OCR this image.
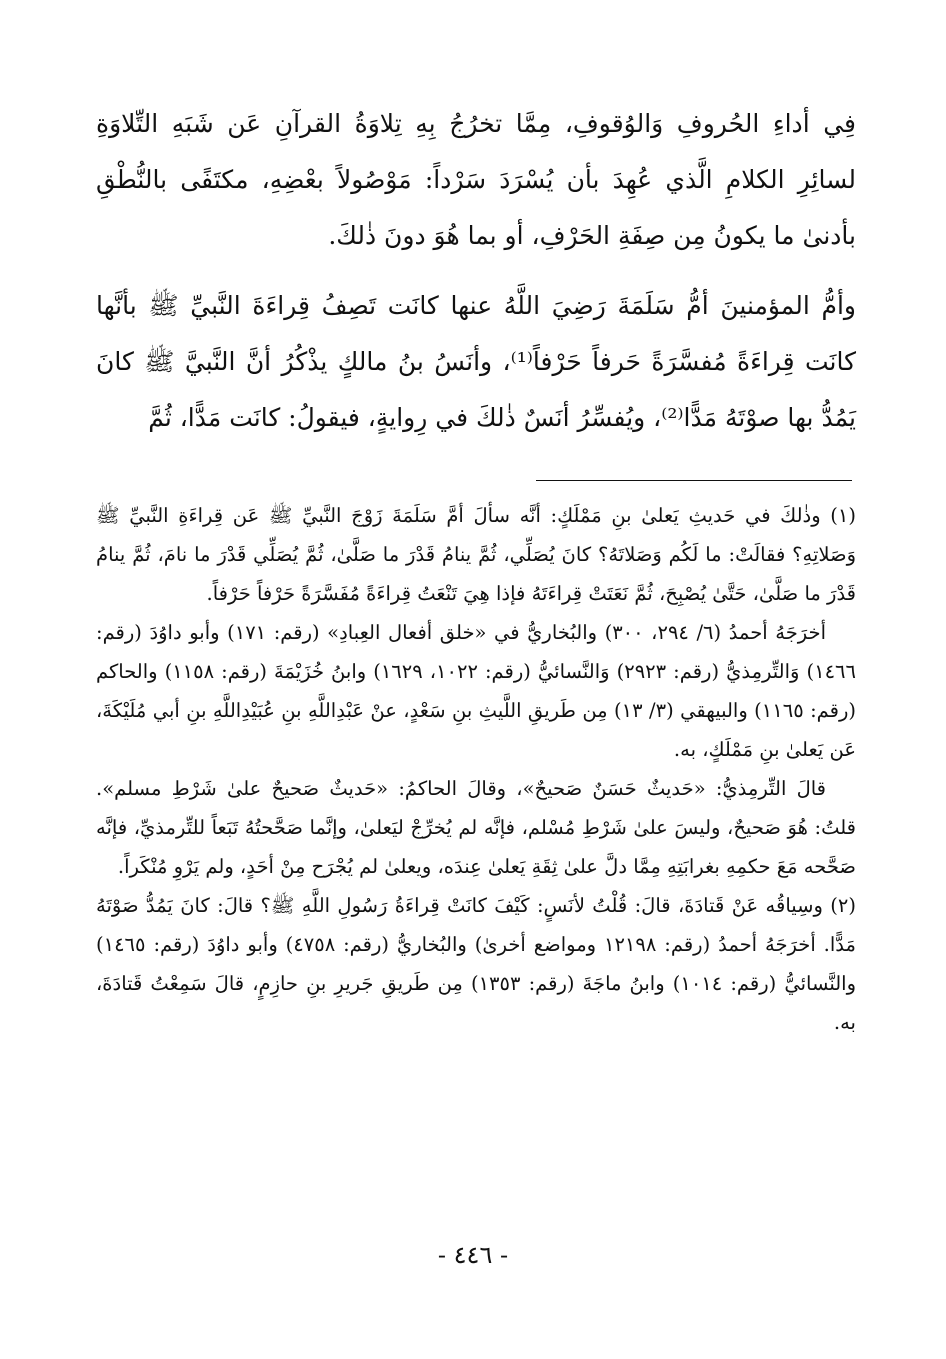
فِي أداءِ الحُروفِ وَالوُقوفِ، مِمَّا تخرُجُ بِهِ تِلاوَةُ القرآنِ عَن شَبَهِ التِّلاوَةِ لسائِرِ الكلامِ الَّذي عُهِدَ بأن يُسْرَدَ سَرْداً: مَوْصُولاً بعْضِهِ، مكتَفًى بالنُّطْقِ بأدنىٰ ما يكونُ مِن صِفَةِ الحَرْفِ، أو بما هُوَ دونَ ذٰلكَ.

وأمُّ المؤمنينَ أمُّ سَلَمَةَ رَضِيَ اللَّهُ عنها كانَت تَصِفُ قِراءَةَ النَّبيِّ ﷺ بأنَّها كانَت قِراءَةً مُفسَّرَةً حَرفاً حَرْفاً⁽¹⁾، وأنَسُ بنُ مالكٍ يذْكُرُ أنَّ النَّبيَّ ﷺ كانَ يَمُدُّ بها صوْتَهُ مَدًّا⁽²⁾، ويُفسِّرُ أنَسٌ ذٰلكَ في رِوايةٍ، فيقولُ: كانَت مَدًّا، ثُمَّ

(١) وذٰلكَ في حَديثِ يَعلىٰ بنِ مَمْلَكٍ: أنَّه سألَ أمَّ سَلَمَةَ زَوْجَ النَّبيِّ ﷺ عَن قِراءَةِ النَّبيِّ ﷺ وَصَلاتِهِ؟ فقالَتْ: ما لَكُم وَصَلاتَهُ؟ كانَ يُصَلِّي، ثُمَّ ينامُ قَدْرَ ما صَلَّىٰ، ثُمَّ يُصَلِّي قَدْرَ ما نامَ، ثُمَّ ينامُ قَدْرَ ما صَلَّىٰ، حَتَّىٰ يُصْبِحَ، ثُمَّ نَعَتَتْ قِراءَتَهُ فإذا هِيَ تَنْعَتُ قِراءَةً مُفَسَّرَةً حَرْفاً حَرْفاً.

أخرَجَهُ أحمدُ (٦/ ٢٩٤، ٣٠٠) والبُخاريُّ في «خلق أفعال العِبادِ» (رقم: ١٧١) وأبو داوُدَ (رقم: ١٤٦٦) وَالتِّرمِذيُّ (رقم: ٢٩٢٣) وَالنَّسائيُّ (رقم: ١٠٢٢، ١٦٢٩) وابنُ خُزَيْمَةَ (رقم: ١١٥٨) والحاكم (رقم: ١١٦٥) والبيهقي (٣/ ١٣) مِن طَريقِ اللَّيثِ بنِ سَعْدٍ، عنْ عَبْدِاللَّهِ بنِ عُبَيْدِاللَّهِ بنِ أبي مُلَيْكَةَ، عَن يَعلىٰ بنِ مَمْلَكٍ، به.

قالَ التِّرمِذيُّ: «حَديثٌ حَسَنٌ صَحيحٌ»، وقالَ الحاكمُ: «حَديثٌ صَحيحٌ علىٰ شَرْطِ مسلم». قلتُ: هُوَ صَحيحٌ، وليسَ علىٰ شَرْطِ مُسْلم، فإنَّه لم يُخرِّجْ ليَعلىٰ، وإنَّما صَحَّحتُهُ تَبَعاً للتِّرمذيِّ، فإنَّه صَحَّحه مَعَ حكمِهِ بغرابَتِهِ مِمَّا دلَّ علىٰ ثِقَةِ يَعلىٰ عِندَه، ويعلىٰ لم يُجْرَح مِنْ أحَدٍ، ولم يَرْوِ مُنْكَراً.

(٢) وسِياقُه عَنْ قَتادَةَ، قالَ: قُلْتُ لأنَسٍ: كَيْفَ كانَتْ قِراءَةُ رَسُولِ اللَّهِ ﷺ؟ قالَ: كانَ يَمُدُّ صَوْتَهُ مَدًّا. أخرَجَهُ أحمدُ (رقم: ١٢١٩٨ ومواضع أخرىٰ) والبُخاريُّ (رقم: ٤٧٥٨) وأبو داوُدَ (رقم: ١٤٦٥) والنَّسائيُّ (رقم: ١٠١٤) وابنُ ماجَةَ (رقم: ١٣٥٣) مِن طَريقِ جَريرِ بنِ حازِمٍ، قالَ سَمِعْتُ قَتادَةَ، به.

- ٤٤٦ -
